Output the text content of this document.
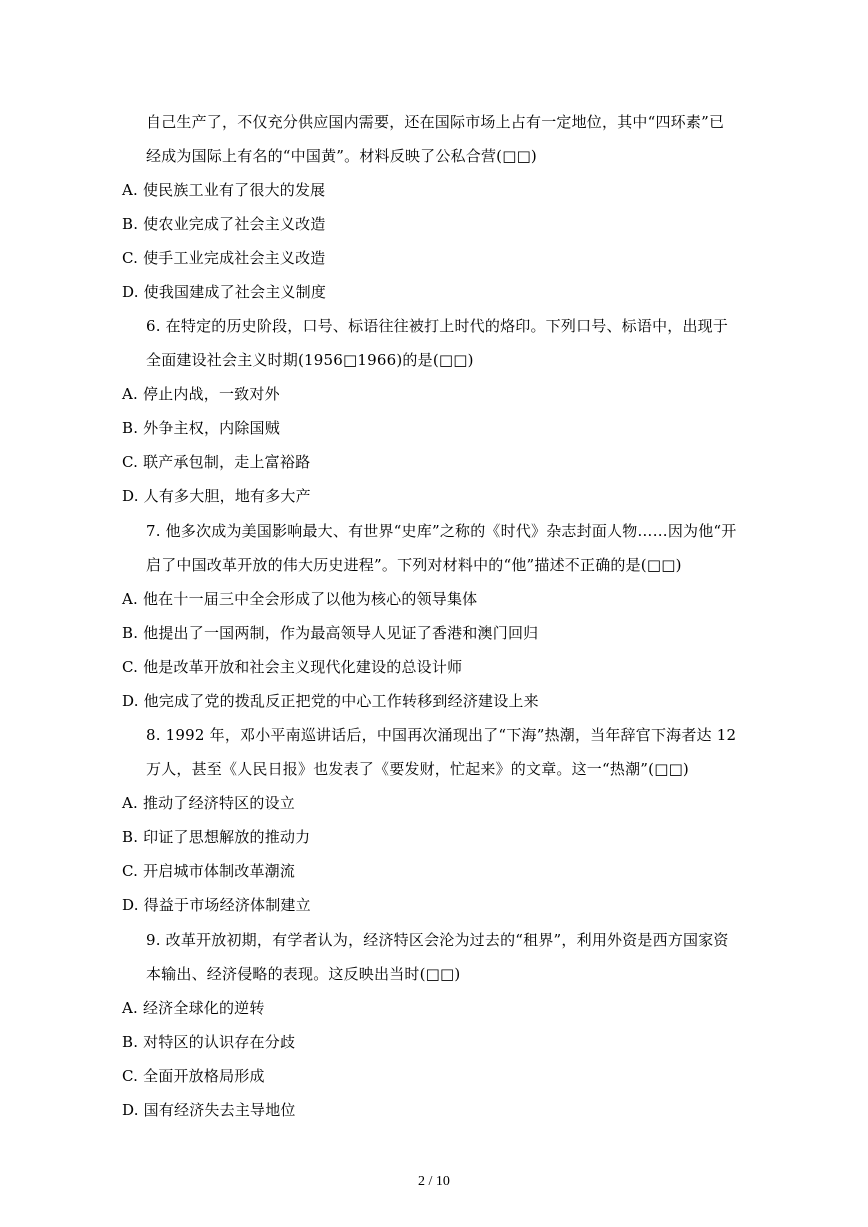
自己生产了，不仅充分供应国内需要，还在国际市场上占有一定地位，其中“四环素”已
经成为国际上有名的“中国黄”。材料反映了公私合营(□□)
A. 使民族工业有了很大的发展
B. 使农业完成了社会主义改造
C. 使手工业完成社会主义改造
D. 使我国建成了社会主义制度
6. 在特定的历史阶段，口号、标语往往被打上时代的烙印。下列口号、标语中，出现于
全面建设社会主义时期(1956□1966)的是(□□)
A. 停止内战，一致对外
B. 外争主权，内除国贼
C. 联产承包制，走上富裕路
D. 人有多大胆，地有多大产
7. 他多次成为美国影响最大、有世界“史库”之称的《时代》杂志封面人物……因为他“开
启了中国改革开放的伟大历史进程”。下列对材料中的“他”描述不正确的是(□□)
A. 他在十一届三中全会形成了以他为核心的领导集体
B. 他提出了一国两制，作为最高领导人见证了香港和澳门回归
C. 他是改革开放和社会主义现代化建设的总设计师
D. 他完成了党的拨乱反正把党的中心工作转移到经济建设上来
8. 1992 年，邓小平南巡讲话后，中国再次涌现出了“下海”热潮，当年辞官下海者达 12
万人，甚至《人民日报》也发表了《要发财，忙起来》的文章。这一“热潮”(□□)
A. 推动了经济特区的设立
B. 印证了思想解放的推动力
C. 开启城市体制改革潮流
D. 得益于市场经济体制建立
9. 改革开放初期，有学者认为，经济特区会沦为过去的“租界”，利用外资是西方国家资
本输出、经济侵略的表现。这反映出当时(□□)
A. 经济全球化的逆转
B. 对特区的认识存在分歧
C. 全面开放格局形成
D. 国有经济失去主导地位
2 / 10
